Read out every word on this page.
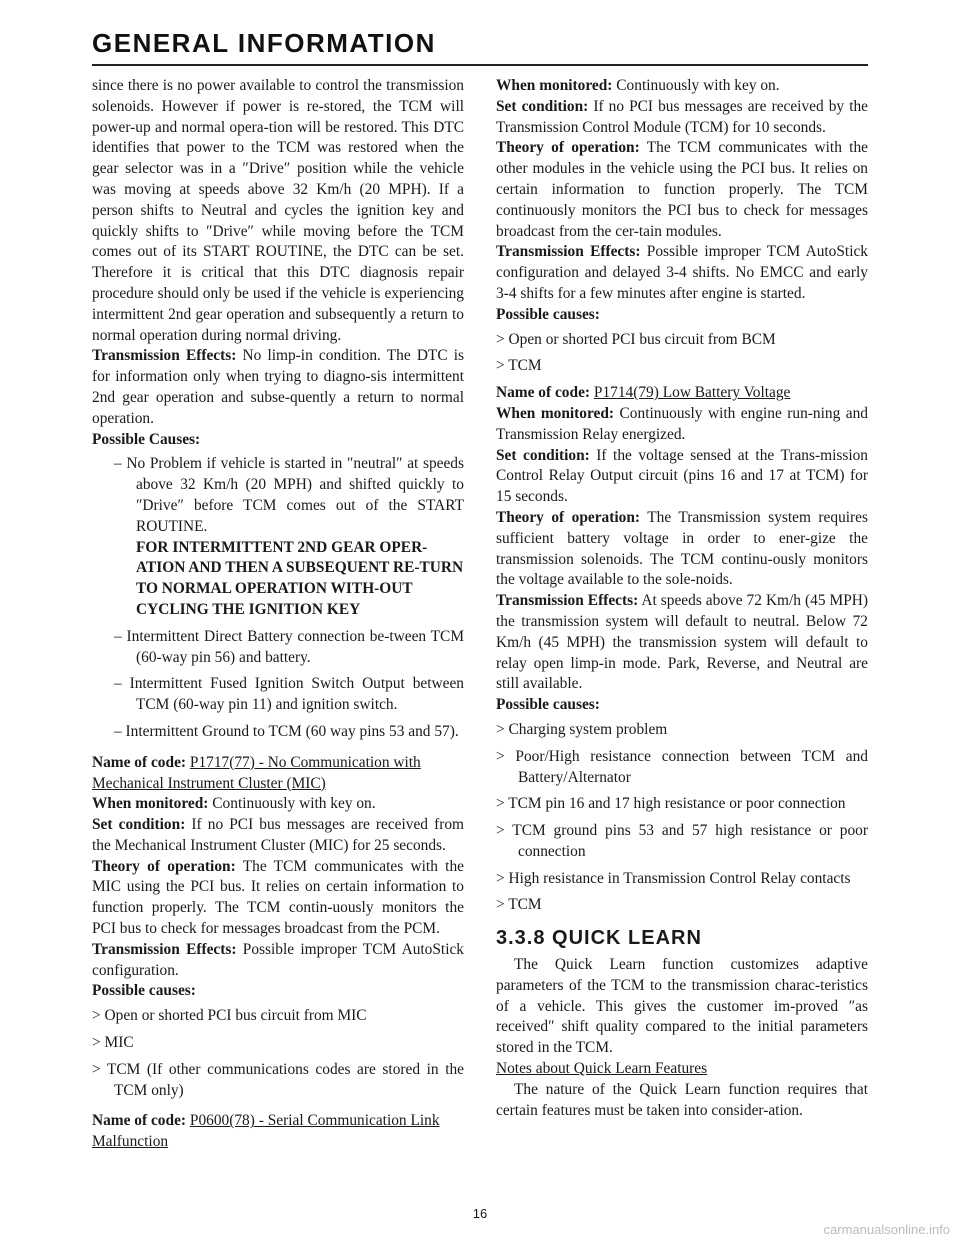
GENERAL INFORMATION

since there is no power available to control the transmission solenoids. However if power is re-stored, the TCM will power-up and normal opera-tion will be restored. This DTC identifies that power to the TCM was restored when the gear selector was in a ″Drive″ position while the vehicle was moving at speeds above 32 Km/h (20 MPH). If a person shifts to Neutral and cycles the ignition key and quickly shifts to ″Drive″ while moving before the TCM comes out of its START ROUTINE, the DTC can be set. Therefore it is critical that this DTC diagnosis repair procedure should only be used if the vehicle is experiencing intermittent 2nd gear operation and subsequently a return to normal operation during normal driving.

Transmission Effects: No limp-in condition. The DTC is for information only when trying to diagno-sis intermittent 2nd gear operation and subse-quently a return to normal operation.

Possible Causes:

– No Problem if vehicle is started in ″neutral″ at speeds above 32 Km/h (20 MPH) and shifted quickly to ″Drive″ before TCM comes out of the START ROUTINE.

FOR INTERMITTENT 2ND GEAR OPER-ATION AND THEN A SUBSEQUENT RE-TURN TO NORMAL OPERATION WITH-OUT CYCLING THE IGNITION KEY

– Intermittent Direct Battery connection be-tween TCM (60-way pin 56) and battery.

– Intermittent Fused Ignition Switch Output between TCM (60-way pin 11) and ignition switch.

– Intermittent Ground to TCM (60 way pins 53 and 57).

Name of code: P1717(77) - No Communication with Mechanical Instrument Cluster (MIC)

When monitored: Continuously with key on.

Set condition: If no PCI bus messages are received from the Mechanical Instrument Cluster (MIC) for 25 seconds.

Theory of operation: The TCM communicates with the MIC using the PCI bus. It relies on certain information to function properly. The TCM contin-uously monitors the PCI bus to check for messages broadcast from the PCM.

Transmission Effects: Possible improper TCM AutoStick configuration.

Possible causes:

> Open or shorted PCI bus circuit from MIC

> MIC

> TCM (If other communications codes are stored in the TCM only)

Name of code: P0600(78) - Serial Communication Link Malfunction

When monitored: Continuously with key on.

Set condition: If no PCI bus messages are received by the Transmission Control Module (TCM) for 10 seconds.

Theory of operation: The TCM communicates with the other modules in the vehicle using the PCI bus. It relies on certain information to function properly. The TCM continuously monitors the PCI bus to check for messages broadcast from the cer-tain modules.

Transmission Effects: Possible improper TCM AutoStick configuration and delayed 3-4 shifts. No EMCC and early 3-4 shifts for a few minutes after engine is started.

Possible causes:

> Open or shorted PCI bus circuit from BCM

> TCM

Name of code: P1714(79) Low Battery Voltage

When monitored: Continuously with engine run-ning and Transmission Relay energized.

Set condition: If the voltage sensed at the Trans-mission Control Relay Output circuit (pins 16 and 17 at TCM) for 15 seconds.

Theory of operation: The Transmission system requires sufficient battery voltage in order to ener-gize the transmission solenoids. The TCM continu-ously monitors the voltage available to the sole-noids.

Transmission Effects: At speeds above 72 Km/h (45 MPH) the transmission system will default to neutral. Below 72 Km/h (45 MPH) the transmission system will default to relay open limp-in mode. Park, Reverse, and Neutral are still available.

Possible causes:

> Charging system problem

> Poor/High resistance connection between TCM and Battery/Alternator

> TCM pin 16 and 17 high resistance or poor connection

> TCM ground pins 53 and 57 high resistance or poor connection

> High resistance in Transmission Control Relay contacts

> TCM

3.3.8 QUICK LEARN

The Quick Learn function customizes adaptive parameters of the TCM to the transmission charac-teristics of a vehicle. This gives the customer im-proved ″as received″ shift quality compared to the initial parameters stored in the TCM.

Notes about Quick Learn Features

The nature of the Quick Learn function requires that certain features must be taken into consider-ation.

16
carmanualsonline.info
